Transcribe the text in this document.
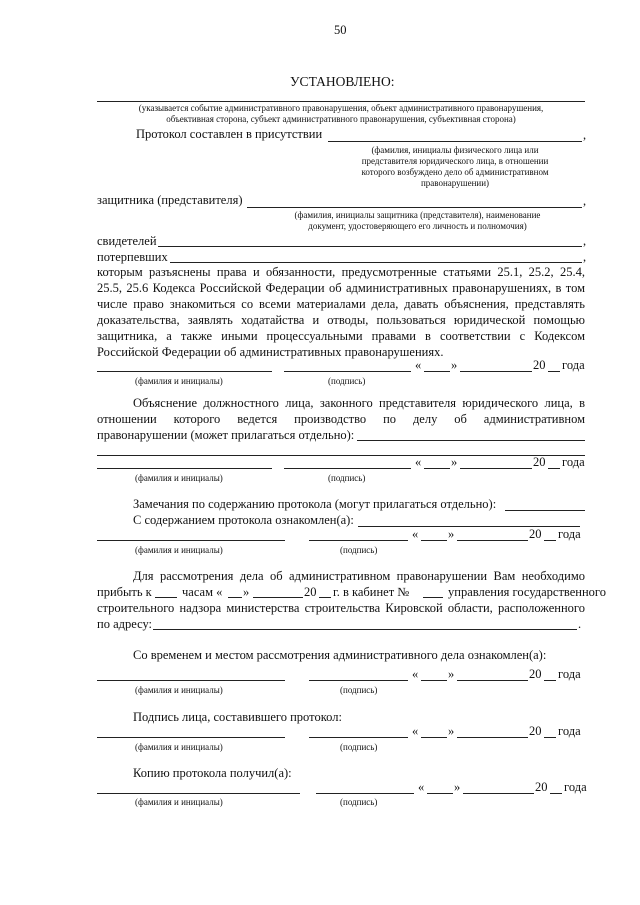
50
УСТАНОВЛЕНО:
(указывается событие административного правонарушения, объект административного правонарушения,
объективная сторона, субъект административного правонарушения, субъективная сторона)
Протокол составлен в присутствии	,
(фамилия, инициалы физического лица или
представителя юридического лица, в отношении
которого возбуждено дело об административном
правонарушении)
защитника (представителя)	,
(фамилия, инициалы защитника (представителя), наименование
документ, удостоверяющего его личность и полномочия)
свидетелей	,
потерпевших	,
которым разъяснены права и обязанности, предусмотренные статьями 25.1, 25.2, 25.4,
25.5, 25.6 Кодекса Российской Федерации об административных правонарушениях, в том
числе право знакомиться со всеми материалами дела, давать объяснения, представлять
доказательства, заявлять ходатайства и отводы, пользоваться юридической помощью
защитника, а также иными процессуальными правами в соответствии с Кодексом
Российской Федерации об административных правонарушениях.
« »	20 года
(фамилия и инициалы)	(подпись)
Объяснение должностного лица, законного представителя юридического лица, в
отношении которого ведется производство по делу об административном
правонарушении (может прилагаться отдельно):
« »	20 года
(фамилия и инициалы)	(подпись)
Замечания по содержанию протокола (могут прилагаться отдельно):
С содержанием протокола ознакомлен(а):
« »	20 года
(фамилия и инициалы)	(подпись)
Для рассмотрения дела об административном правонарушении Вам необходимо
прибыть к часам « »	20 г. в кабинет №	управления государственного
строительного надзора министерства строительства Кировской области, расположенного
по адресу:	.
Со временем и местом рассмотрения административного дела ознакомлен(а):
« »	20 года
(фамилия и инициалы)	(подпись)
Подпись лица, составившего протокол:
« »	20 года
(фамилия и инициалы)	(подпись)
Копию протокола получил(а):
« »	20 года
(фамилия и инициалы)	(подпись)
